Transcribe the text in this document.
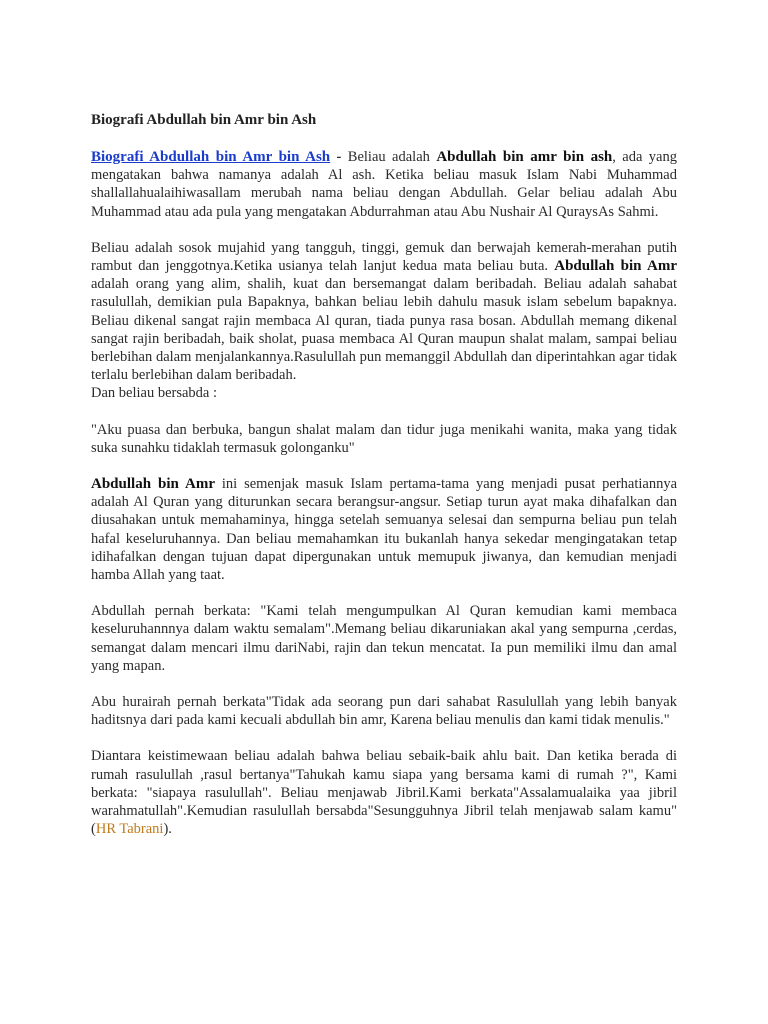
Biografi Abdullah bin Amr bin Ash

Biografi Abdullah bin Amr bin Ash - Beliau adalah Abdullah bin amr bin ash, ada yang mengatakan bahwa namanya adalah Al ash. Ketika beliau masuk Islam Nabi Muhammad shallallahualaihiwasallam merubah nama beliau dengan Abdullah. Gelar beliau adalah Abu Muhammad atau ada pula yang mengatakan Abdurrahman atau Abu Nushair Al QuraysAs Sahmi.

Beliau adalah sosok mujahid yang tangguh, tinggi, gemuk dan berwajah kemerah-merahan putih rambut dan jenggotnya.Ketika usianya telah lanjut kedua mata beliau buta. Abdullah bin Amr adalah orang yang alim, shalih, kuat dan bersemangat dalam beribadah. Beliau adalah sahabat rasulullah, demikian pula Bapaknya, bahkan beliau lebih dahulu masuk islam sebelum bapaknya. Beliau dikenal sangat rajin membaca Al quran, tiada punya rasa bosan. Abdullah memang dikenal sangat rajin beribadah, baik sholat, puasa membaca Al Quran maupun shalat malam, sampai beliau berlebihan dalam menjalankannya.Rasulullah pun memanggil Abdullah dan diperintahkan agar tidak terlalu berlebihan dalam beribadah.

Dan beliau bersabda :

"Aku puasa dan berbuka, bangun shalat malam dan tidur juga menikahi wanita, maka yang tidak suka sunahku tidaklah termasuk golonganku"

Abdullah bin Amr ini semenjak masuk Islam pertama-tama yang menjadi pusat perhatiannya adalah Al Quran yang diturunkan secara berangsur-angsur. Setiap turun ayat maka dihafalkan dan diusahakan untuk memahaminya, hingga setelah semuanya selesai dan sempurna beliau pun telah hafal keseluruhannya. Dan beliau memahamkan itu bukanlah hanya sekedar mengingatakan tetap idihafalkan dengan tujuan dapat dipergunakan untuk memupuk jiwanya, dan kemudian menjadi hamba Allah yang taat.

Abdullah pernah berkata: "Kami telah mengumpulkan Al Quran kemudian kami membaca keseluruhannnya dalam waktu semalam".Memang beliau dikaruniakan akal yang sempurna ,cerdas, semangat dalam mencari ilmu dariNabi, rajin dan tekun mencatat. Ia pun memiliki ilmu dan amal yang mapan.

Abu hurairah pernah berkata"Tidak ada seorang pun dari sahabat Rasulullah yang lebih banyak haditsnya dari pada kami kecuali abdullah bin amr, Karena beliau menulis dan kami tidak menulis."

Diantara keistimewaan beliau adalah bahwa beliau sebaik-baik ahlu bait. Dan ketika berada di rumah rasulullah ,rasul bertanya"Tahukah kamu siapa yang bersama kami di rumah ?", Kami berkata: "siapaya rasulullah". Beliau menjawab Jibril.Kami berkata"Assalamualaika yaa jibril warahmatullah".Kemudian rasulullah bersabda"Sesungguhnya Jibril telah menjawab salam kamu"(HR Tabrani).
